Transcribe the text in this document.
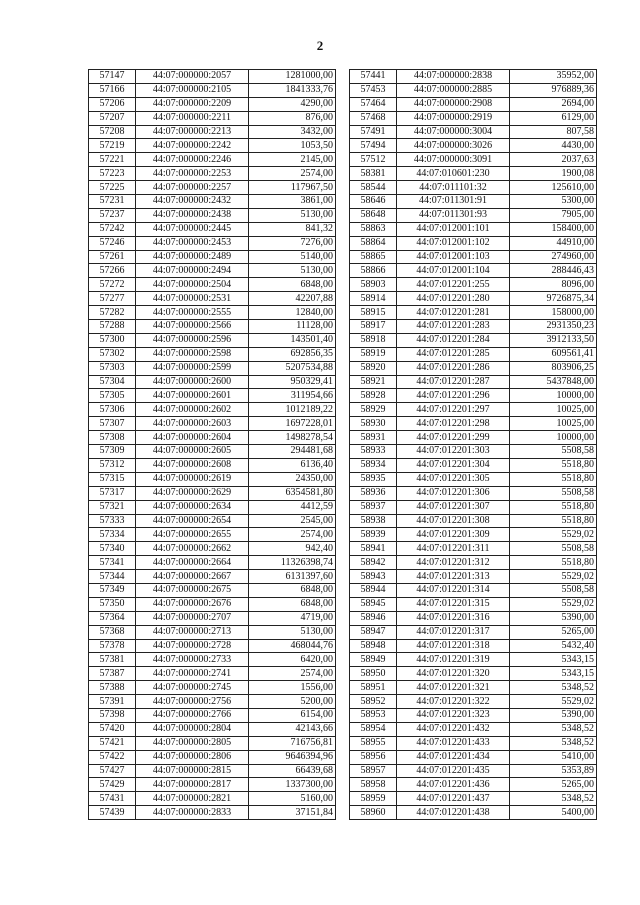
2
57147	44:07:000000:2057	1281000,00
57166	44:07:000000:2105	1841333,76
57206	44:07:000000:2209	4290,00
57207	44:07:000000:2211	876,00
57208	44:07:000000:2213	3432,00
57219	44:07:000000:2242	1053,50
57221	44:07:000000:2246	2145,00
57223	44:07:000000:2253	2574,00
57225	44:07:000000:2257	117967,50
57231	44:07:000000:2432	3861,00
57237	44:07:000000:2438	5130,00
57242	44:07:000000:2445	841,32
57246	44:07:000000:2453	7276,00
57261	44:07:000000:2489	5140,00
57266	44:07:000000:2494	5130,00
57272	44:07:000000:2504	6848,00
57277	44:07:000000:2531	42207,88
57282	44:07:000000:2555	12840,00
57288	44:07:000000:2566	11128,00
57300	44:07:000000:2596	143501,40
57302	44:07:000000:2598	692856,35
57303	44:07:000000:2599	5207534,88
57304	44:07:000000:2600	950329,41
57305	44:07:000000:2601	311954,66
57306	44:07:000000:2602	1012189,22
57307	44:07:000000:2603	1697228,01
57308	44:07:000000:2604	1498278,54
57309	44:07:000000:2605	294481,68
57312	44:07:000000:2608	6136,40
57315	44:07:000000:2619	24350,00
57317	44:07:000000:2629	6354581,80
57321	44:07:000000:2634	4412,59
57333	44:07:000000:2654	2545,00
57334	44:07:000000:2655	2574,00
57340	44:07:000000:2662	942,40
57341	44:07:000000:2664	11326398,74
57344	44:07:000000:2667	6131397,60
57349	44:07:000000:2675	6848,00
57350	44:07:000000:2676	6848,00
57364	44:07:000000:2707	4719,00
57368	44:07:000000:2713	5130,00
57378	44:07:000000:2728	468044,76
57381	44:07:000000:2733	6420,00
57387	44:07:000000:2741	2574,00
57388	44:07:000000:2745	1556,00
57391	44:07:000000:2756	5200,00
57398	44:07:000000:2766	6154,00
57420	44:07:000000:2804	42143,66
57421	44:07:000000:2805	716756,81
57422	44:07:000000:2806	9646394,96
57427	44:07:000000:2815	66439,68
57429	44:07:000000:2817	1337300,00
57431	44:07:000000:2821	5160,00
57439	44:07:000000:2833	37151,84
57441	44:07:000000:2838	35952,00
57453	44:07:000000:2885	976889,36
57464	44:07:000000:2908	2694,00
57468	44:07:000000:2919	6129,00
57491	44:07:000000:3004	807,58
57494	44:07:000000:3026	4430,00
57512	44:07:000000:3091	2037,63
58381	44:07:010601:230	1900,08
58544	44:07:011101:32	125610,00
58646	44:07:011301:91	5300,00
58648	44:07:011301:93	7905,00
58863	44:07:012001:101	158400,00
58864	44:07:012001:102	44910,00
58865	44:07:012001:103	274960,00
58866	44:07:012001:104	288446,43
58903	44:07:012201:255	8096,00
58914	44:07:012201:280	9726875,34
58915	44:07:012201:281	158000,00
58917	44:07:012201:283	2931350,23
58918	44:07:012201:284	3912133,50
58919	44:07:012201:285	609561,41
58920	44:07:012201:286	803906,25
58921	44:07:012201:287	5437848,00
58928	44:07:012201:296	10000,00
58929	44:07:012201:297	10025,00
58930	44:07:012201:298	10025,00
58931	44:07:012201:299	10000,00
58933	44:07:012201:303	5508,58
58934	44:07:012201:304	5518,80
58935	44:07:012201:305	5518,80
58936	44:07:012201:306	5508,58
58937	44:07:012201:307	5518,80
58938	44:07:012201:308	5518,80
58939	44:07:012201:309	5529,02
58941	44:07:012201:311	5508,58
58942	44:07:012201:312	5518,80
58943	44:07:012201:313	5529,02
58944	44:07:012201:314	5508,58
58945	44:07:012201:315	5529,02
58946	44:07:012201:316	5390,00
58947	44:07:012201:317	5265,00
58948	44:07:012201:318	5432,40
58949	44:07:012201:319	5343,15
58950	44:07:012201:320	5343,15
58951	44:07:012201:321	5348,52
58952	44:07:012201:322	5529,02
58953	44:07:012201:323	5390,00
58954	44:07:012201:432	5348,52
58955	44:07:012201:433	5348,52
58956	44:07:012201:434	5410,00
58957	44:07:012201:435	5353,89
58958	44:07:012201:436	5265,00
58959	44:07:012201:437	5348,52
58960	44:07:012201:438	5400,00
